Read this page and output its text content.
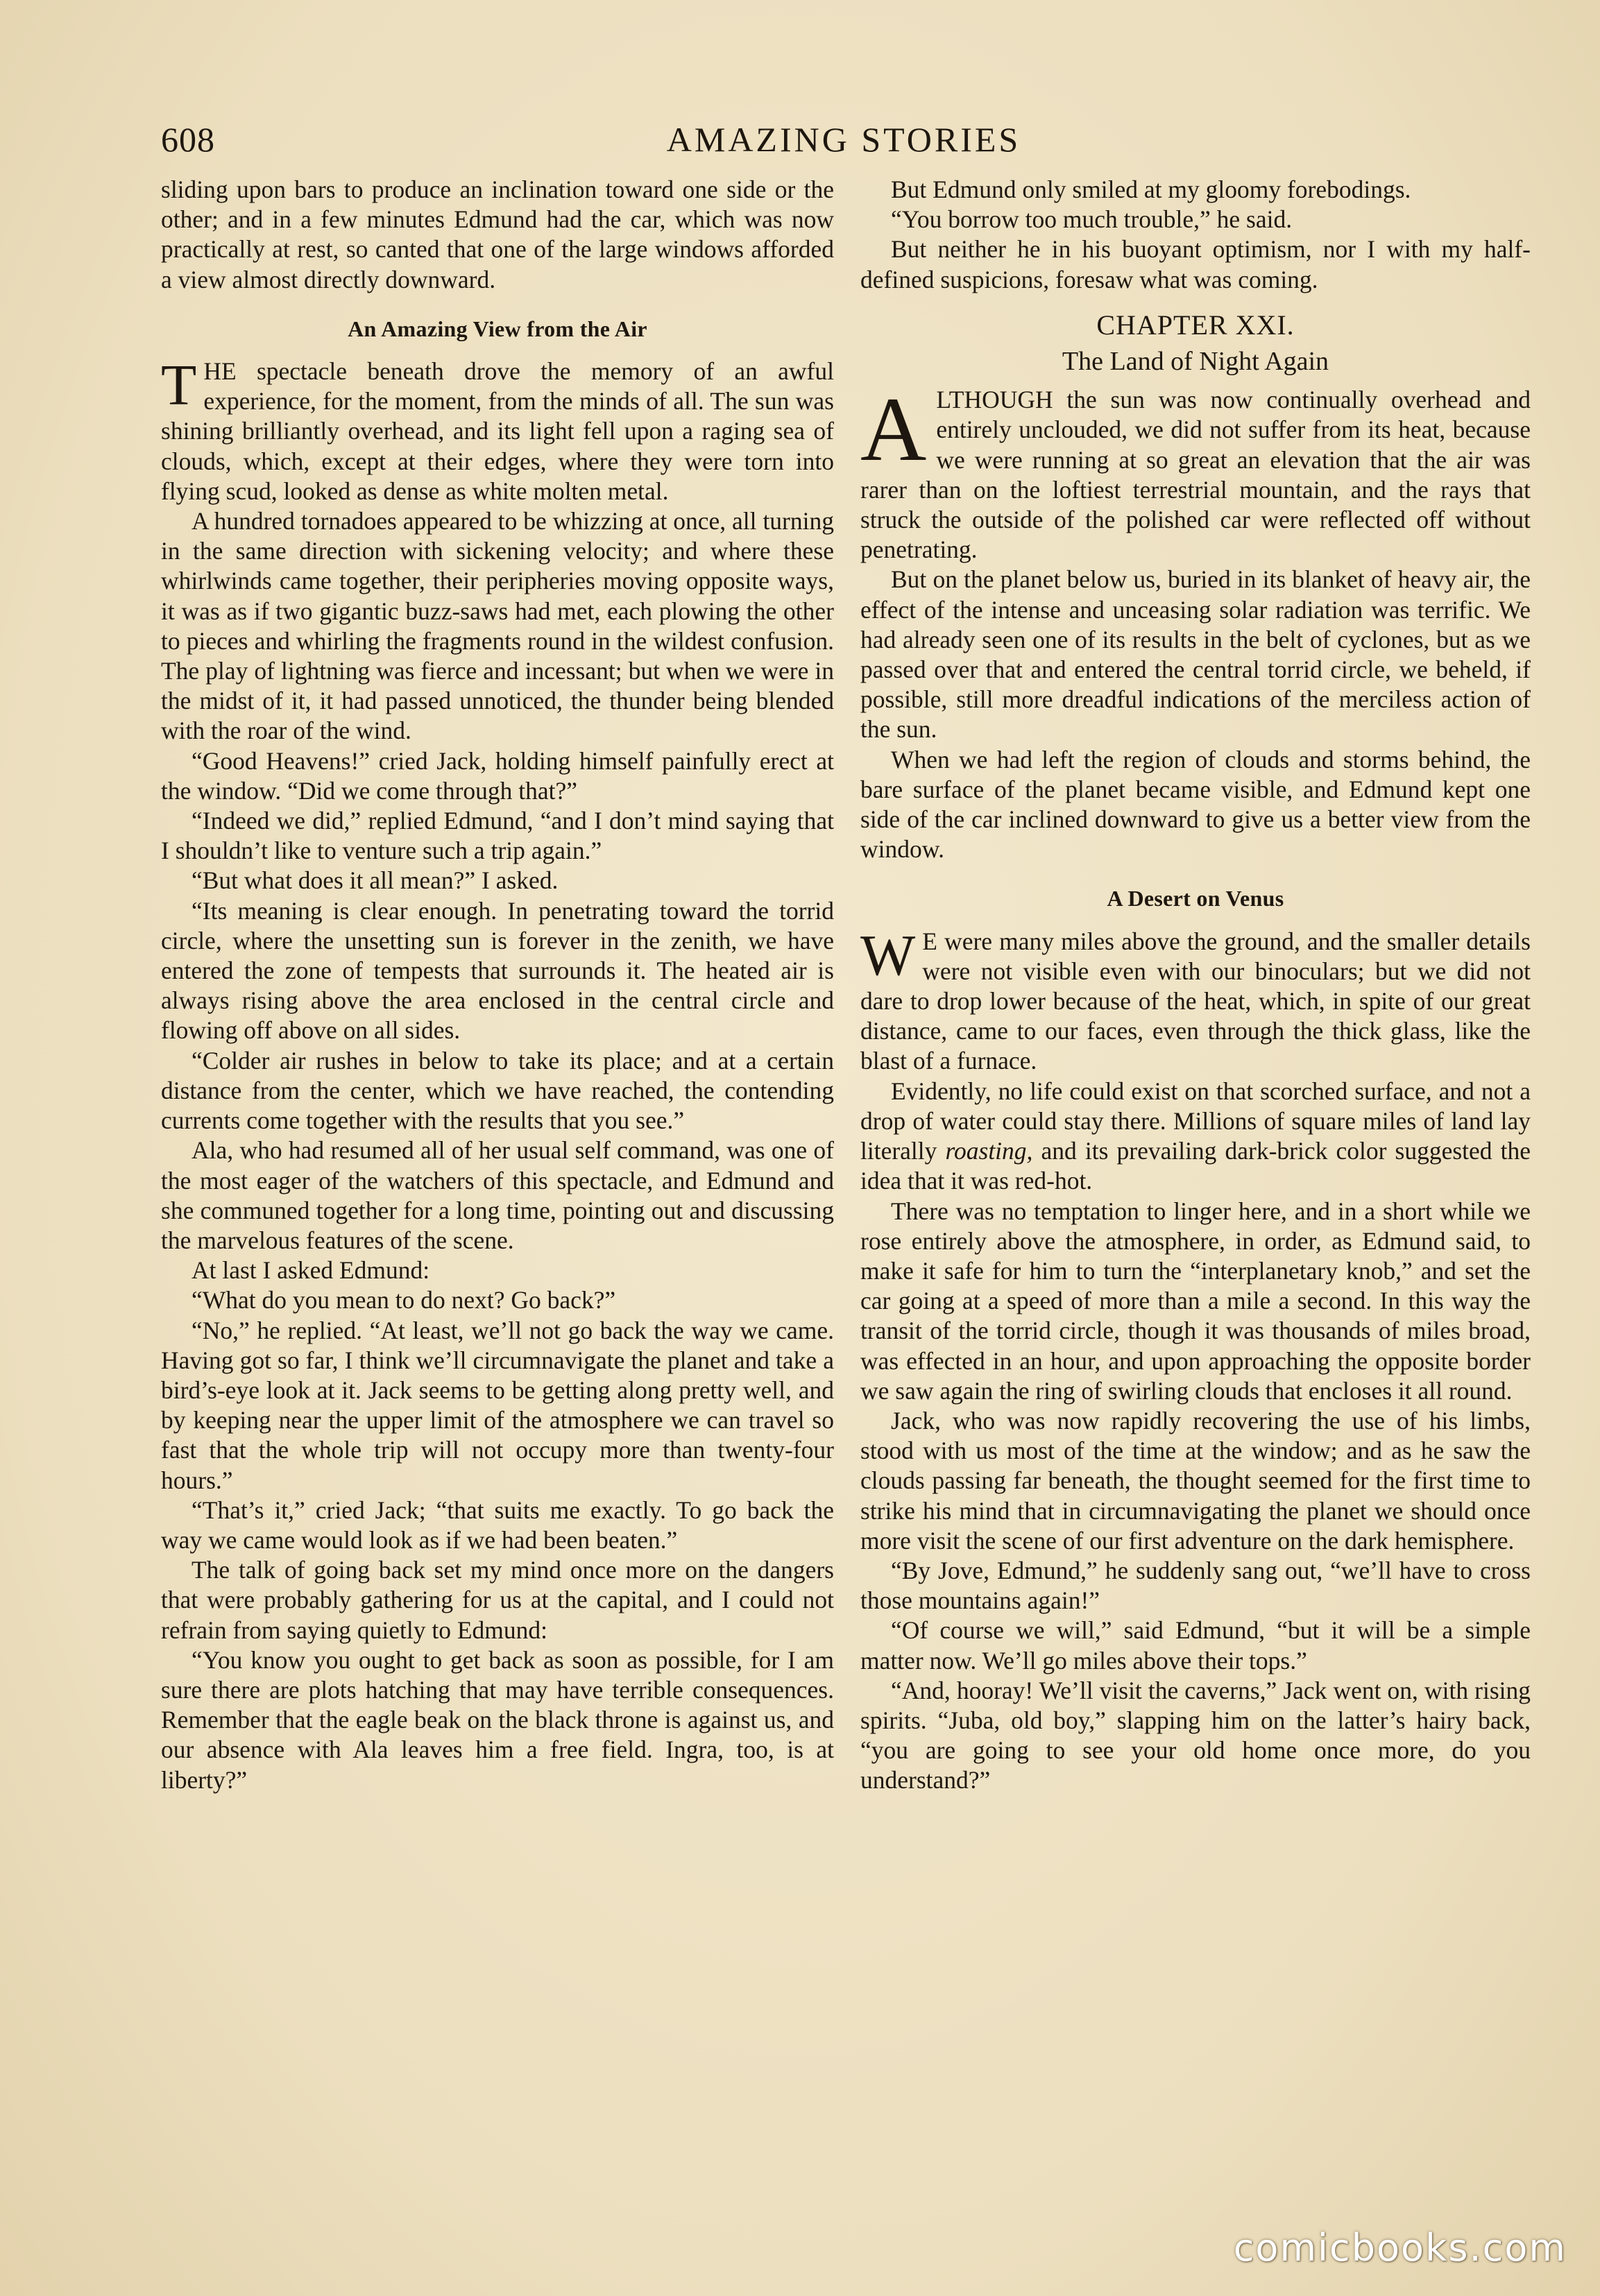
608	AMAZING STORIES

sliding upon bars to produce an inclination toward one side or the other; and in a few minutes Edmund had the car, which was now practically at rest, so canted that one of the large windows afforded a view almost directly downward.

An Amazing View from the Air

THE spectacle beneath drove the memory of an awful experience, for the moment, from the minds of all. The sun was shining brilliantly overhead, and its light fell upon a raging sea of clouds, which, except at their edges, where they were torn into flying scud, looked as dense as white molten metal.

A hundred tornadoes appeared to be whizzing at once, all turning in the same direction with sickening velocity; and where these whirlwinds came together, their peripheries moving opposite ways, it was as if two gigantic buzz-saws had met, each plowing the other to pieces and whirling the fragments round in the wildest confusion. The play of lightning was fierce and incessant; but when we were in the midst of it, it had passed unnoticed, the thunder being blended with the roar of the wind.

“Good Heavens!” cried Jack, holding himself painfully erect at the window. “Did we come through that?”

“Indeed we did,” replied Edmund, “and I don’t mind saying that I shouldn’t like to venture such a trip again.”

“But what does it all mean?” I asked.

“Its meaning is clear enough. In penetrating toward the torrid circle, where the unsetting sun is forever in the zenith, we have entered the zone of tempests that surrounds it. The heated air is always rising above the area enclosed in the central circle and flowing off above on all sides.

“Colder air rushes in below to take its place; and at a certain distance from the center, which we have reached, the contending currents come together with the results that you see.”

Ala, who had resumed all of her usual self command, was one of the most eager of the watchers of this spectacle, and Edmund and she communed together for a long time, pointing out and discussing the marvelous features of the scene.

At last I asked Edmund:

“What do you mean to do next? Go back?”

“No,” he replied. “At least, we’ll not go back the way we came. Having got so far, I think we’ll circumnavigate the planet and take a bird’s-eye look at it. Jack seems to be getting along pretty well, and by keeping near the upper limit of the atmosphere we can travel so fast that the whole trip will not occupy more than twenty-four hours.”

“That’s it,” cried Jack; “that suits me exactly. To go back the way we came would look as if we had been beaten.”

The talk of going back set my mind once more on the dangers that were probably gathering for us at the capital, and I could not refrain from saying quietly to Edmund:

“You know you ought to get back as soon as possible, for I am sure there are plots hatching that may have terrible consequences. Remember that the eagle beak on the black throne is against us, and our absence with Ala leaves him a free field. Ingra, too, is at liberty?”

But Edmund only smiled at my gloomy forebodings.

“You borrow too much trouble,” he said.

But neither he in his buoyant optimism, nor I with my half-defined suspicions, foresaw what was coming.

CHAPTER XXI.
The Land of Night Again

ALTHOUGH the sun was now continually overhead and entirely unclouded, we did not suffer from its heat, because we were running at so great an elevation that the air was rarer than on the loftiest terrestrial mountain, and the rays that struck the outside of the polished car were reflected off without penetrating.

But on the planet below us, buried in its blanket of heavy air, the effect of the intense and unceasing solar radiation was terrific. We had already seen one of its results in the belt of cyclones, but as we passed over that and entered the central torrid circle, we beheld, if possible, still more dreadful indications of the merciless action of the sun.

When we had left the region of clouds and storms behind, the bare surface of the planet became visible, and Edmund kept one side of the car inclined downward to give us a better view from the window.

A Desert on Venus

W E were many miles above the ground, and the smaller details were not visible even with our binoculars; but we did not dare to drop lower because of the heat, which, in spite of our great distance, came to our faces, even through the thick glass, like the blast of a furnace.

Evidently, no life could exist on that scorched surface, and not a drop of water could stay there. Millions of square miles of land lay literally roasting, and its prevailing dark-brick color suggested the idea that it was red-hot.

There was no temptation to linger here, and in a short while we rose entirely above the atmosphere, in order, as Edmund said, to make it safe for him to turn the “interplanetary knob,” and set the car going at a speed of more than a mile a second. In this way the transit of the torrid circle, though it was thousands of miles broad, was effected in an hour, and upon approaching the opposite border we saw again the ring of swirling clouds that encloses it all round.

Jack, who was now rapidly recovering the use of his limbs, stood with us most of the time at the window; and as he saw the clouds passing far beneath, the thought seemed for the first time to strike his mind that in circumnavigating the planet we should once more visit the scene of our first adventure on the dark hemisphere.

“By Jove, Edmund,” he suddenly sang out, “we’ll have to cross those mountains again!”

“Of course we will,” said Edmund, “but it will be a simple matter now. We’ll go miles above their tops.”

“And, hooray! We’ll visit the caverns,” Jack went on, with rising spirits. “Juba, old boy,” slapping him on the latter’s hairy back, “you are going to see your old home once more, do you understand?”

comicbooks.com
